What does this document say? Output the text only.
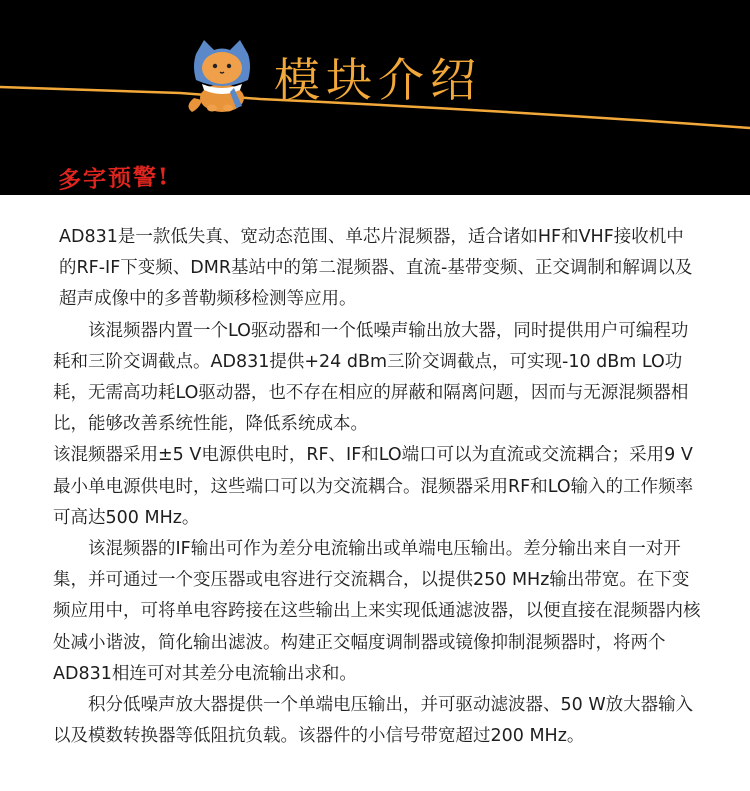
模块介绍
多字预警!

AD831是一款低失真、宽动态范围、单芯片混频器，适合诸如HF和VHF接收机中的RF-IF下变频、DMR基站中的第二混频器、直流-基带变频、正交调制和解调以及超声成像中的多普勒频移检测等应用。

该混频器内置一个LO驱动器和一个低噪声输出放大器，同时提供用户可编程功耗和三阶交调截点。AD831提供+24 dBm三阶交调截点，可实现-10 dBm LO功耗，无需高功耗LO驱动器，也不存在相应的屏蔽和隔离问题，因而与无源混频器相比，能够改善系统性能，降低系统成本。

该混频器采用±5 V电源供电时，RF、IF和LO端口可以为直流或交流耦合；采用9 V最小单电源供电时，这些端口可以为交流耦合。混频器采用RF和LO输入的工作频率可高达500 MHz。

该混频器的IF输出可作为差分电流输出或单端电压输出。差分输出来自一对开集，并可通过一个变压器或电容进行交流耦合，以提供250 MHz输出带宽。在下变频应用中，可将单电容跨接在这些输出上来实现低通滤波器，以便直接在混频器内核处减小谐波，简化输出滤波。构建正交幅度调制器或镜像抑制混频器时，将两个AD831相连可对其差分电流输出求和。

积分低噪声放大器提供一个单端电压输出，并可驱动滤波器、50 W放大器输入以及模数转换器等低阻抗负载。该器件的小信号带宽超过200 MHz。
